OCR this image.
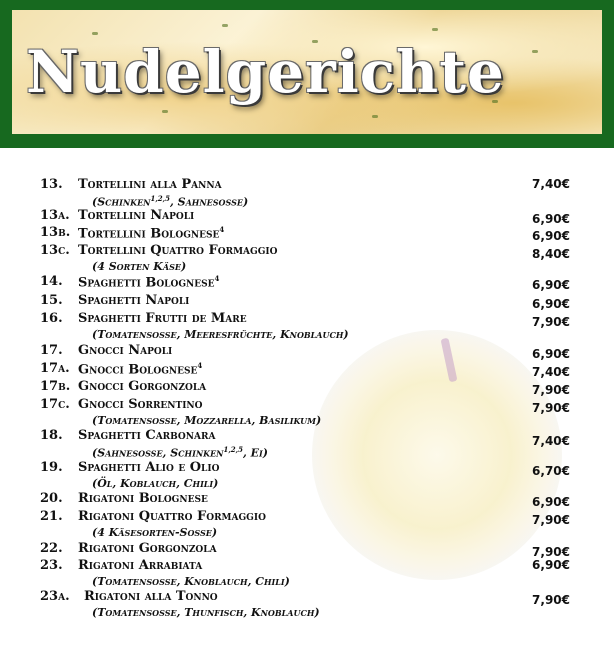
Nudelgerichte
13. Tortellini alla Panna
(Schinken$^{1,2,5}$, Sahnesosse)
7,40€
13a. Tortellini Napoli	6,90€
13b. Tortellini Bolognese$^4$	6,90€
13c. Tortellini Quattro Formaggio
(4 Sorten Käse)
8,40€
14. Spaghetti Bolognese$^4$	6,90€
15. Spaghetti Napoli	6,90€
16. Spaghetti Frutti de Mare
(Tomatensosse, Meeresfrüchte, Knoblauch)
7,90€
17. Gnocci Napoli	6,90€
17a. Gnocci Bolognese$^4$	7,40€
17b. Gnocci Gorgonzola	7,90€
17c. Gnocci Sorrentino
(Tomatensosse, Mozzarella, Basilikum)
7,90€
18. Spaghetti Carbonara
(Sahnesosse, Schinken$^{1,2,5}$, Ei)
7,40€
19. Spaghetti Alio e Olio
(Öl, Koblauch, Chili)
6,70€
20. Rigatoni Bolognese	6,90€
21. Rigatoni Quattro Formaggio
(4 Käsesorten-Sosse)
7,90€
22. Rigatoni Gorgonzola	7,90€
23. Rigatoni Arrabiata
(Tomatensosse, Knoblauch, Chili)
6,90€
23a. Rigatoni alla Tonno
(Tomatensosse, Thunfisch, Knoblauch)
7,90€
